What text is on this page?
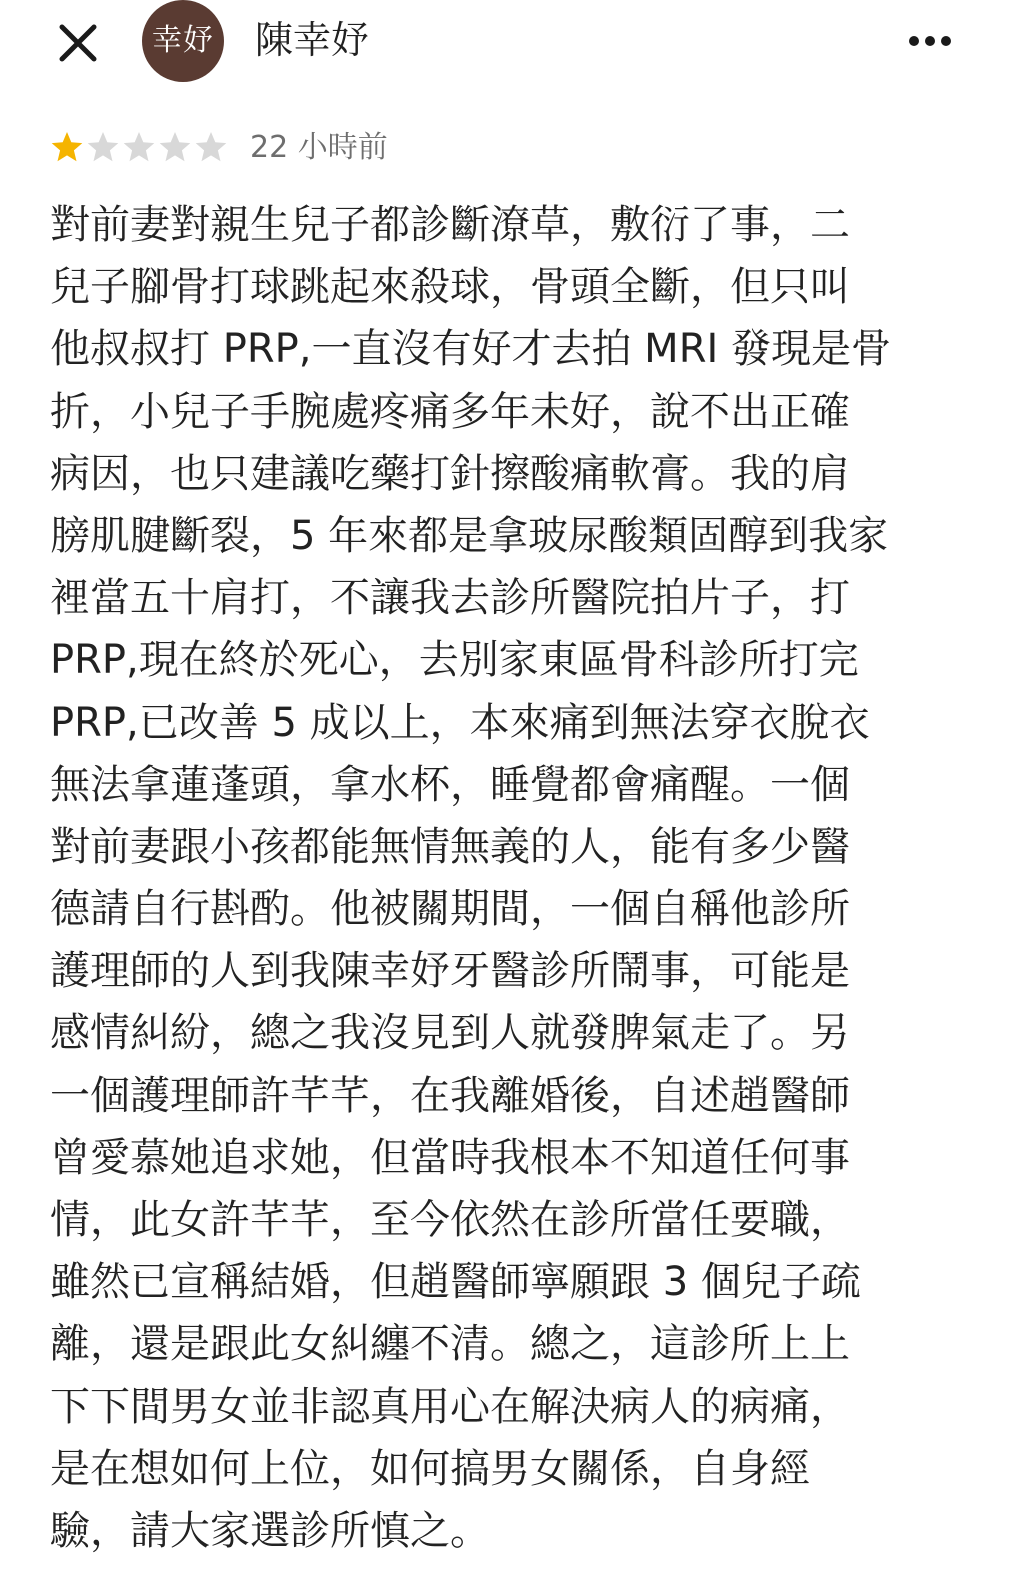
幸妤 陳幸妤
22 小時前
對前妻對親生兒子都診斷潦草，敷衍了事，二
兒子腳骨打球跳起來殺球，骨頭全斷，但只叫
他叔叔打 PRP,一直沒有好才去拍 MRI 發現是骨
折，小兒子手腕處疼痛多年未好，說不出正確
病因，也只建議吃藥打針擦酸痛軟膏。我的肩
膀肌腱斷裂，5 年來都是拿玻尿酸類固醇到我家
裡當五十肩打，不讓我去診所醫院拍片子，打
PRP,現在終於死心，去別家東區骨科診所打完
PRP,已改善 5 成以上，本來痛到無法穿衣脫衣
無法拿蓮蓬頭，拿水杯，睡覺都會痛醒。一個
對前妻跟小孩都能無情無義的人，能有多少醫
德請自行斟酌。他被關期間，一個自稱他診所
護理師的人到我陳幸妤牙醫診所鬧事，可能是
感情糾紛，總之我沒見到人就發脾氣走了。另
一個護理師許芊芊，在我離婚後，自述趙醫師
曾愛慕她追求她，但當時我根本不知道任何事
情，此女許芊芊，至今依然在診所當任要職，
雖然已宣稱結婚，但趙醫師寧願跟 3 個兒子疏
離，還是跟此女糾纏不清。總之，這診所上上
下下間男女並非認真用心在解決病人的病痛，
是在想如何上位，如何搞男女關係，自身經
驗，請大家選診所慎之。
